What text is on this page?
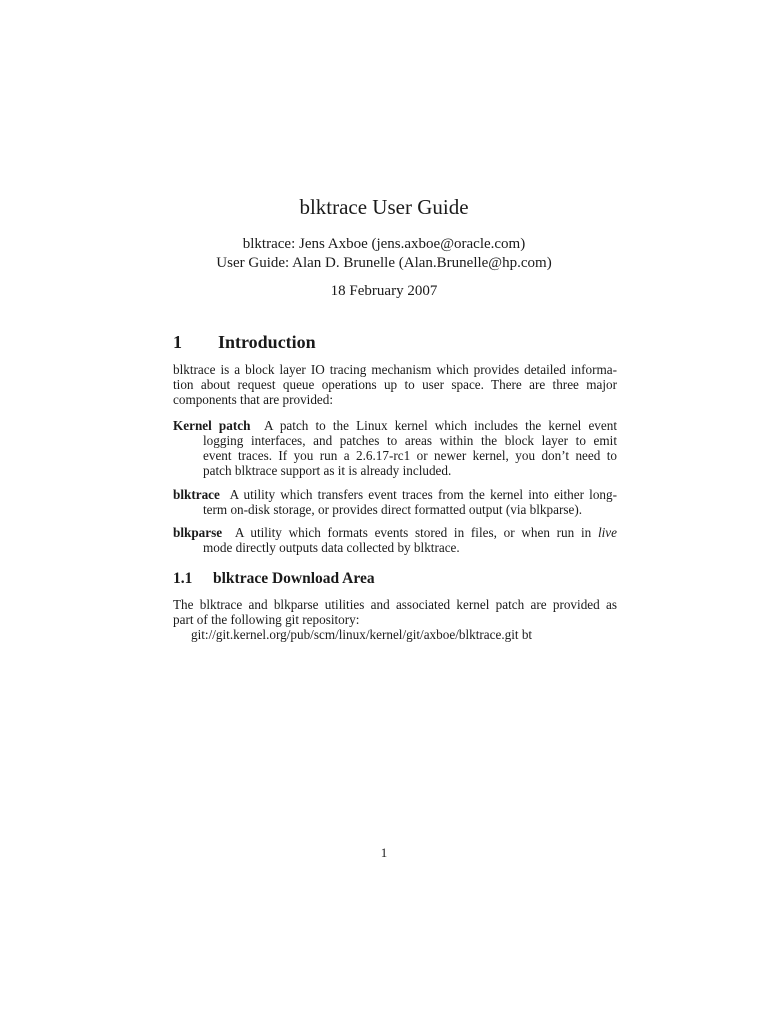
blktrace User Guide
blktrace: Jens Axboe (jens.axboe@oracle.com)
User Guide: Alan D. Brunelle (Alan.Brunelle@hp.com)
18 February 2007
1 Introduction
blktrace is a block layer IO tracing mechanism which provides detailed informa-
tion about request queue operations up to user space. There are three major
components that are provided:
Kernel patch A patch to the Linux kernel which includes the kernel event
logging interfaces, and patches to areas within the block layer to emit
event traces. If you run a 2.6.17-rc1 or newer kernel, you don’t need to
patch blktrace support as it is already included.
blktrace A utility which transfers event traces from the kernel into either long-
term on-disk storage, or provides direct formatted output (via blkparse).
blkparse A utility which formats events stored in files, or when run in live
mode directly outputs data collected by blktrace.
1.1 blktrace Download Area
The blktrace and blkparse utilities and associated kernel patch are provided as
part of the following git repository:
git://git.kernel.org/pub/scm/linux/kernel/git/axboe/blktrace.git bt
1
